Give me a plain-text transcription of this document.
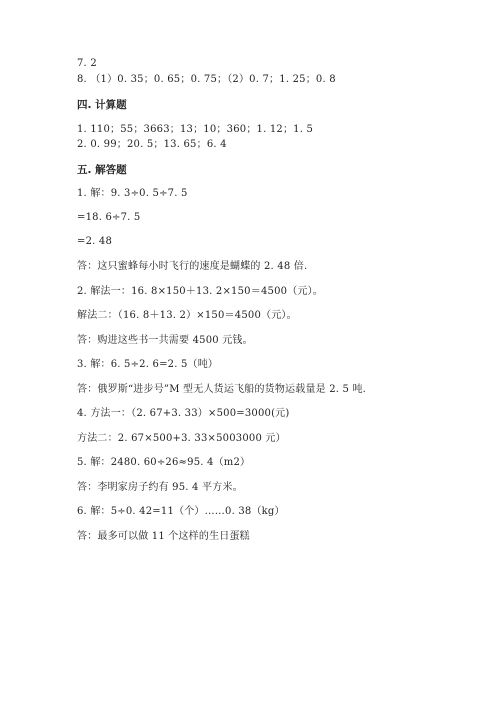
7. 2
8. （1）0. 35；0. 65；0. 75；（2）0. 7；1. 25；0. 8
四. 计算题
1. 110；55；3663；13；10；360；1. 12；1. 5
2. 0. 99；20. 5；13. 65；6. 4
五. 解答题
1. 解：9. 3÷0. 5÷7. 5
=18. 6÷7. 5
=2. 48
答：这只蜜蜂每小时飞行的速度是蝴蝶的 2. 48 倍.
2. 解法一：16. 8×150＋13. 2×150＝4500（元）。
解法二：（16. 8＋13. 2）×150＝4500（元）。
答：购进这些书一共需要 4500 元钱。
3. 解：6. 5÷2. 6=2. 5（吨）
答：俄罗斯“进步号”M 型无人货运飞船的货物运载量是 2. 5 吨.
4. 方法一：（2. 67+3. 33）×500=3000(元)
方法二：2. 67×500+3. 33×5003000 元）
5. 解：2480. 60÷26≈95. 4（m2）
答：李明家房子约有 95. 4 平方米。
6. 解：5÷0. 42=11（个）……0. 38（kg）
答：最多可以做 11 个这样的生日蛋糕
